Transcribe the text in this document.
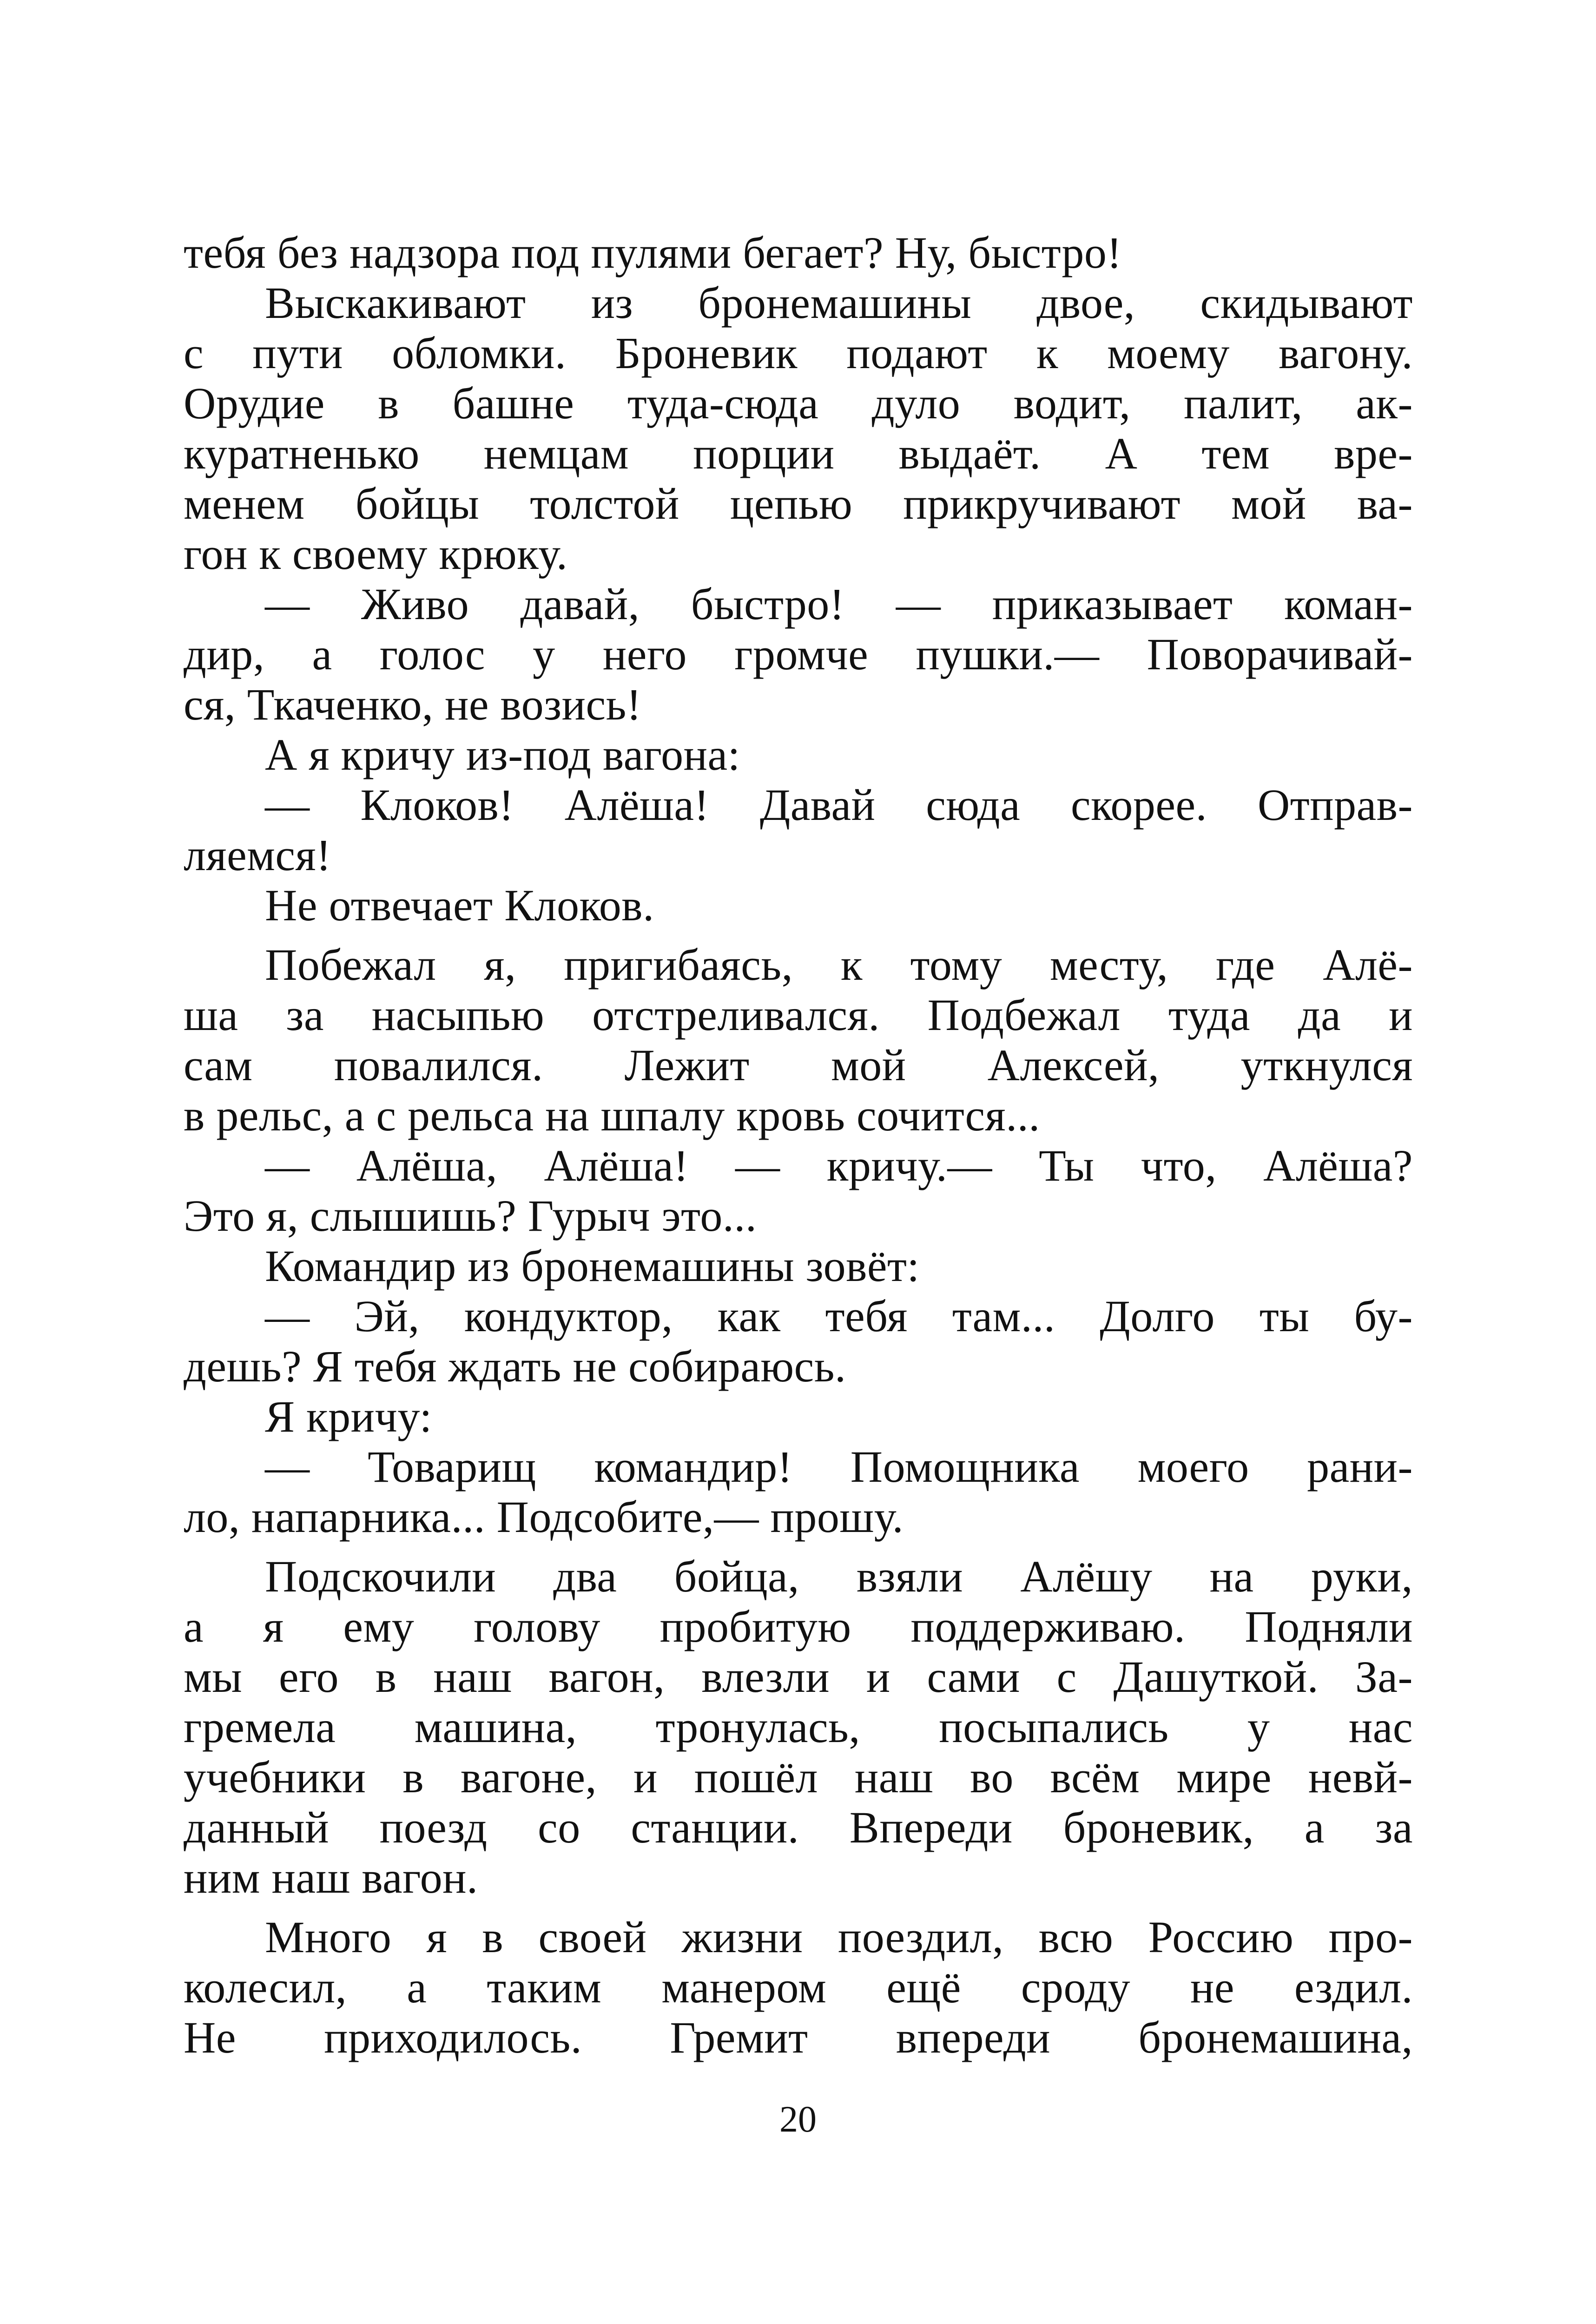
тебя без надзора под пулями бегает? Ну, быстро!
Выскакивают из бронемашины двое, скидывают
с пути обломки. Броневик подают к моему вагону.
Орудие в башне туда-сюда дуло водит, палит, ак-
куратненько немцам порции выдаёт. А тем вре-
менем бойцы толстой цепью прикручивают мой ва-
гон к своему крюку.
— Живо давай, быстро! — приказывает коман-
дир, а голос у него громче пушки.— Поворачивай-
ся, Ткаченко, не возись!
А я кричу из-под вагона:
— Клоков! Алёша! Давай сюда скорее. Отправ-
ляемся!
Не отвечает Клоков.
Побежал я, пригибаясь, к тому месту, где Алё-
ша за насыпью отстреливался. Подбежал туда да и
сам повалился. Лежит мой Алексей, уткнулся
в рельс, а с рельса на шпалу кровь сочится...
— Алёша, Алёша! — кричу.— Ты что, Алёша?
Это я, слышишь? Гурыч это...
Командир из бронемашины зовёт:
— Эй, кондуктор, как тебя там... Долго ты бу-
дешь? Я тебя ждать не собираюсь.
Я кричу:
— Товарищ командир! Помощника моего рани-
ло, напарника... Подсобите,— прошу.
Подскочили два бойца, взяли Алёшу на руки,
а я ему голову пробитую поддерживаю. Подняли
мы его в наш вагон, влезли и сами с Дашуткой. За-
гремела машина, тронулась, посыпались у нас
учебники в вагоне, и пошёл наш во всём мире невй-
данный поезд со станции. Впереди броневик, а за
ним наш вагон.
Много я в своей жизни поездил, всю Россию про-
колесил, а таким манером ещё сроду не ездил.
Не приходилось. Гремит впереди бронемашина,
20
